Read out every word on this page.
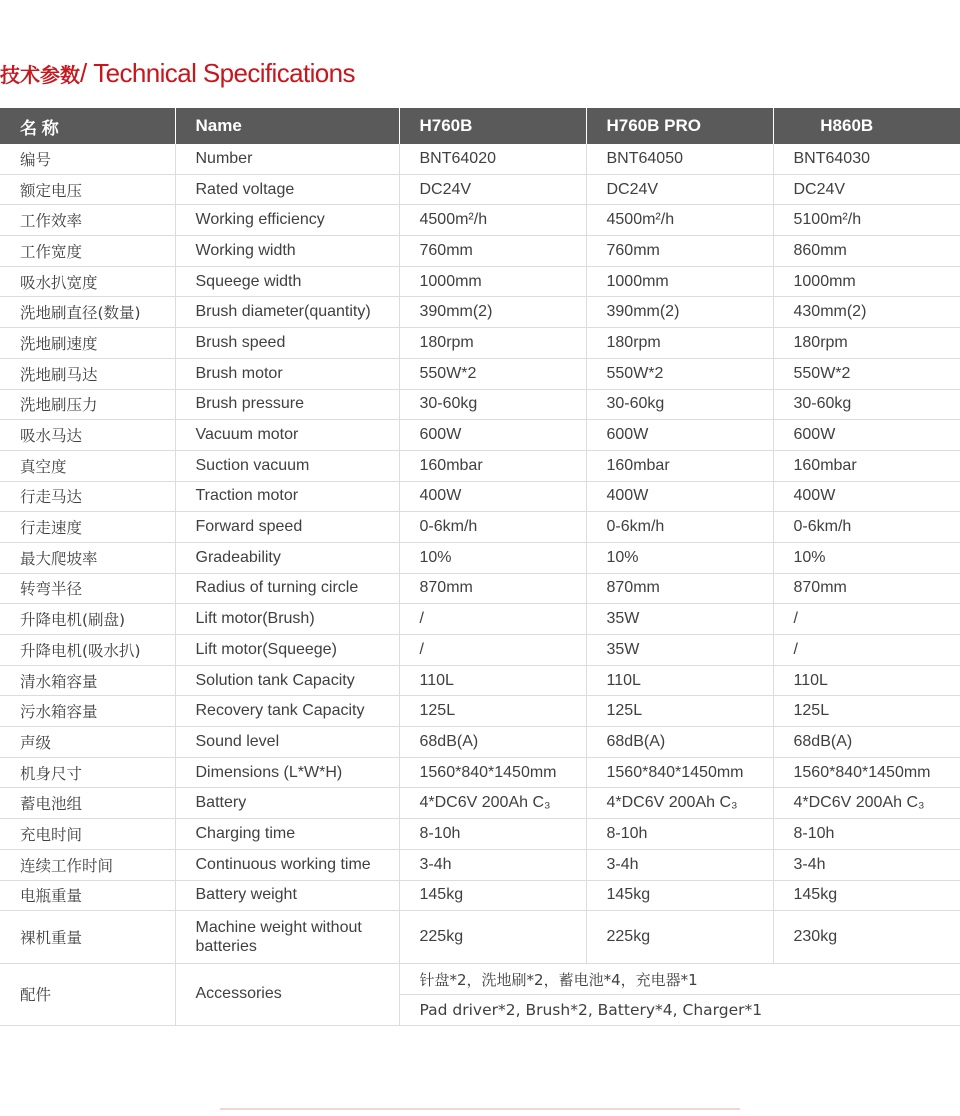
技术参数/ Technical Specifications
名 称	Name	H760B	H760B PRO	H860B
编号	Number	BNT64020	BNT64050	BNT64030
额定电压	Rated voltage	DC24V	DC24V	DC24V
工作效率	Working efficiency	4500m²/h	4500m²/h	5100m²/h
工作宽度	Working width	760mm	760mm	860mm
吸水扒宽度	Squeege width	1000mm	1000mm	1000mm
洗地刷直径(数量)	Brush diameter(quantity)	390mm(2)	390mm(2)	430mm(2)
洗地刷速度	Brush speed	180rpm	180rpm	180rpm
洗地刷马达	Brush motor	550W*2	550W*2	550W*2
洗地刷压力	Brush pressure	30-60kg	30-60kg	30-60kg
吸水马达	Vacuum motor	600W	600W	600W
真空度	Suction vacuum	160mbar	160mbar	160mbar
行走马达	Traction motor	400W	400W	400W
行走速度	Forward speed	0-6km/h	0-6km/h	0-6km/h
最大爬坡率	Gradeability	10%	10%	10%
转弯半径	Radius of turning circle	870mm	870mm	870mm
升降电机(刷盘)	Lift motor(Brush)	/	35W	/
升降电机(吸水扒)	Lift motor(Squeege)	/	35W	/
清水箱容量	Solution tank Capacity	110L	110L	110L
污水箱容量	Recovery tank Capacity	125L	125L	125L
声级	Sound level	68dB(A)	68dB(A)	68dB(A)
机身尺寸	Dimensions (L*W*H)	1560*840*1450mm	1560*840*1450mm	1560*840*1450mm
蓄电池组	Battery	4*DC6V 200Ah C₃	4*DC6V 200Ah C₃	4*DC6V 200Ah C₃
充电时间	Charging time	8-10h	8-10h	8-10h
连续工作时间	Continuous working time	3-4h	3-4h	3-4h
电瓶重量	Battery weight	145kg	145kg	145kg
裸机重量	Machine weight without batteries	225kg	225kg	230kg
配件	Accessories	针盘*2，洗地刷*2，蓄电池*4，充电器*1		
		Pad driver*2, Brush*2, Battery*4, Charger*1		
